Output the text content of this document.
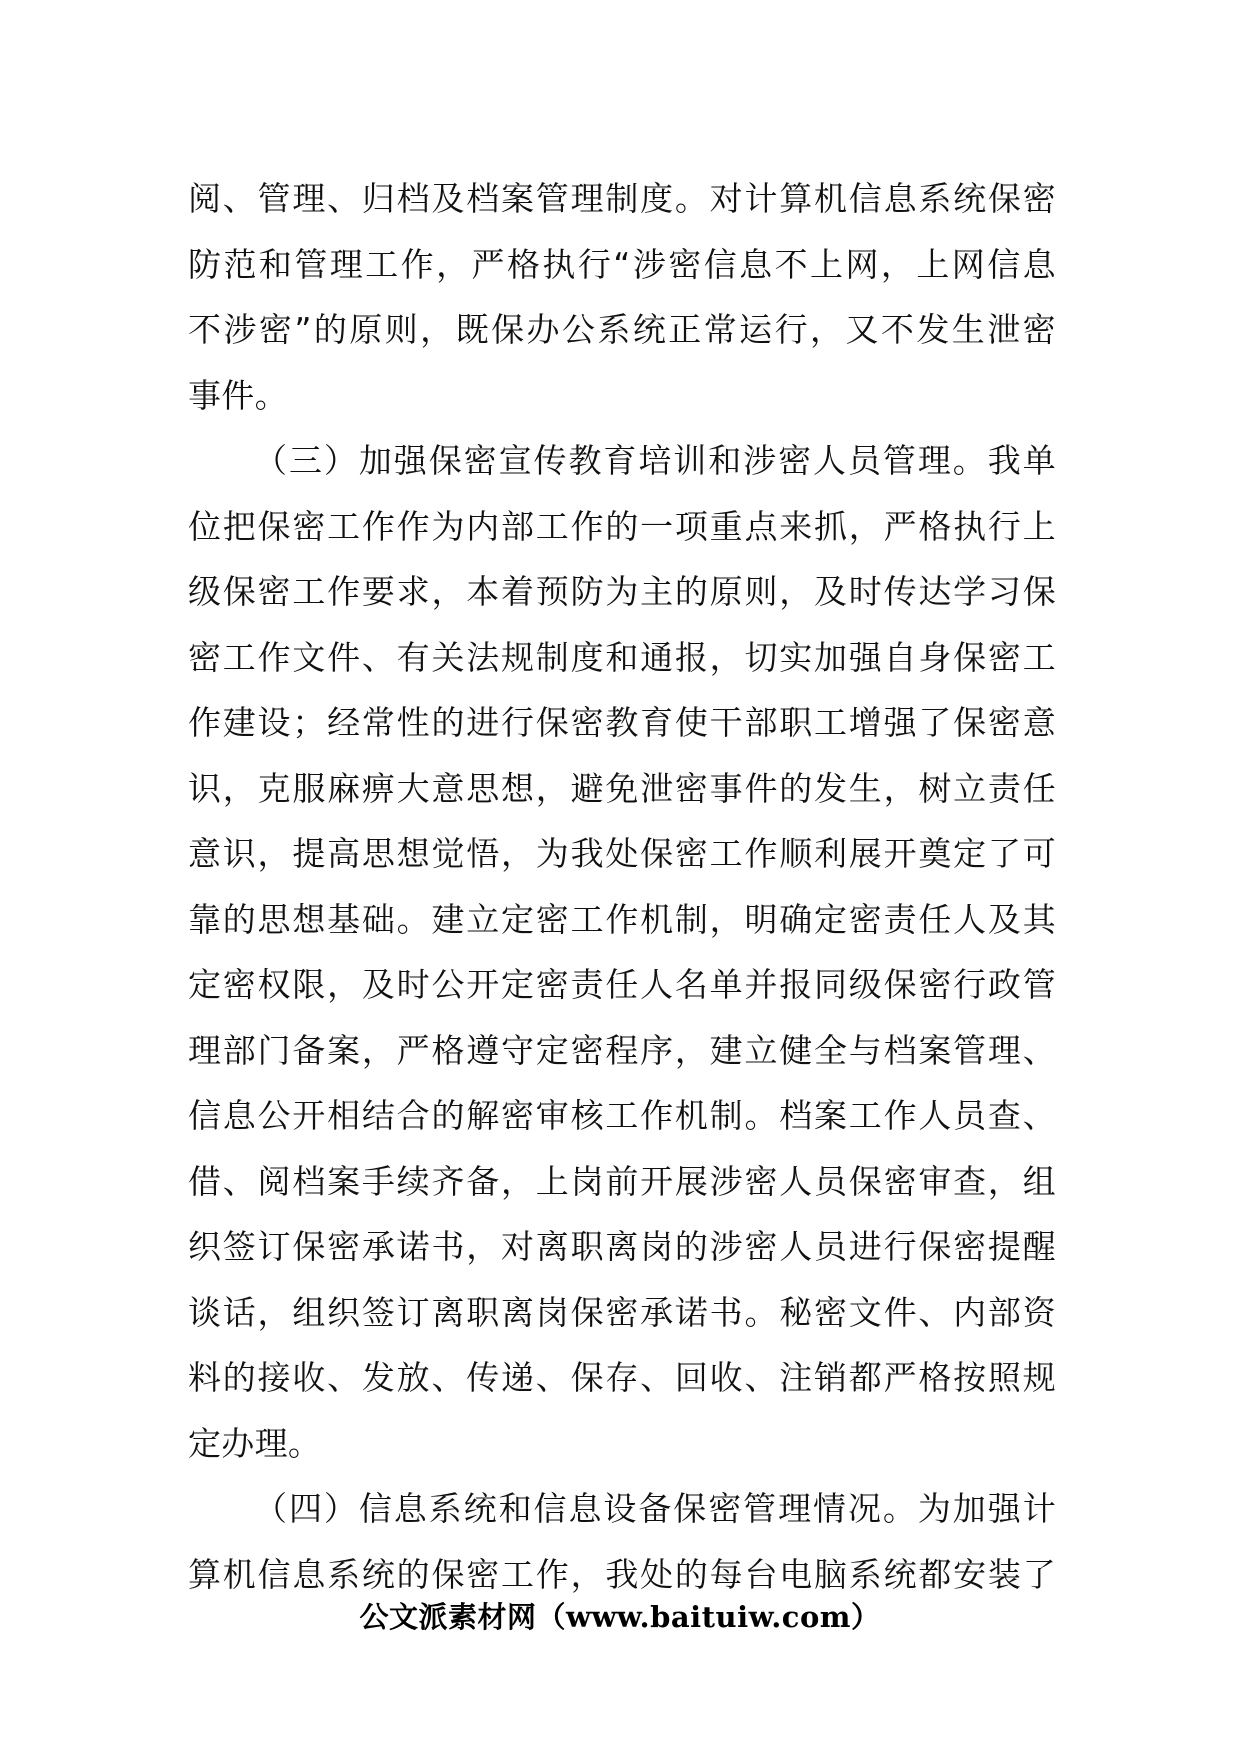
阅、管理、归档及档案管理制度。对计算机信息系统保密
防范和管理工作，严格执行“涉密信息不上网，上网信息
不涉密”的原则，既保办公系统正常运行，又不发生泄密
事件。
（三）加强保密宣传教育培训和涉密人员管理。我单
位把保密工作作为内部工作的一项重点来抓，严格执行上
级保密工作要求，本着预防为主的原则，及时传达学习保
密工作文件、有关法规制度和通报，切实加强自身保密工
作建设；经常性的进行保密教育使干部职工增强了保密意
识，克服麻痹大意思想，避免泄密事件的发生，树立责任
意识，提高思想觉悟，为我处保密工作顺利展开奠定了可
靠的思想基础。建立定密工作机制，明确定密责任人及其
定密权限，及时公开定密责任人名单并报同级保密行政管
理部门备案，严格遵守定密程序，建立健全与档案管理、
信息公开相结合的解密审核工作机制。档案工作人员查、
借、阅档案手续齐备，上岗前开展涉密人员保密审查，组
织签订保密承诺书，对离职离岗的涉密人员进行保密提醒
谈话，组织签订离职离岗保密承诺书。秘密文件、内部资
料的接收、发放、传递、保存、回收、注销都严格按照规
定办理。
（四）信息系统和信息设备保密管理情况。为加强计
算机信息系统的保密工作，我处的每台电脑系统都安装了
公文派素材网（www.baituiw.com）
